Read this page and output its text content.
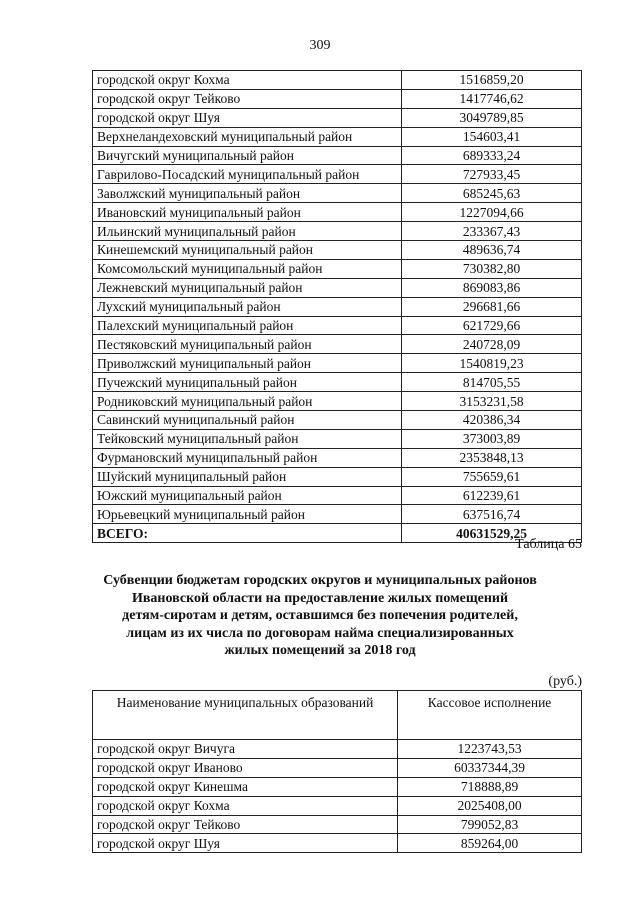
309
городской округ Кохма	1516859,20
городской округ Тейково	1417746,62
городской округ Шуя	3049789,85
Верхнеландеховский муниципальный район	154603,41
Вичугский муниципальный район	689333,24
Гаврилово-Посадский муниципальный район	727933,45
Заволжский муниципальный район	685245,63
Ивановский муниципальный район	1227094,66
Ильинский муниципальный район	233367,43
Кинешемский муниципальный район	489636,74
Комсомольский муниципальный район	730382,80
Лежневский муниципальный район	869083,86
Лухский муниципальный район	296681,66
Палехский муниципальный район	621729,66
Пестяковский муниципальный район	240728,09
Приволжский муниципальный район	1540819,23
Пучежский муниципальный район	814705,55
Родниковский муниципальный район	3153231,58
Савинский муниципальный район	420386,34
Тейковский муниципальный район	373003,89
Фурмановский муниципальный район	2353848,13
Шуйский муниципальный район	755659,61
Южский муниципальный район	612239,61
Юрьевецкий муниципальный район	637516,74
ВСЕГО:	40631529,25
Таблица 65
Субвенции бюджетам городских округов и муниципальных районов
Ивановской области на предоставление жилых помещений
детям-сиротам и детям, оставшимся без попечения родителей,
лицам из их числа по договорам найма специализированных
жилых помещений за 2018 год
(руб.)
Наименование муниципальных образований	Кассовое исполнение
городской округ Вичуга	1223743,53
городской округ Иваново	60337344,39
городской округ Кинешма	718888,89
городской округ Кохма	2025408,00
городской округ Тейково	799052,83
городской округ Шуя	859264,00
